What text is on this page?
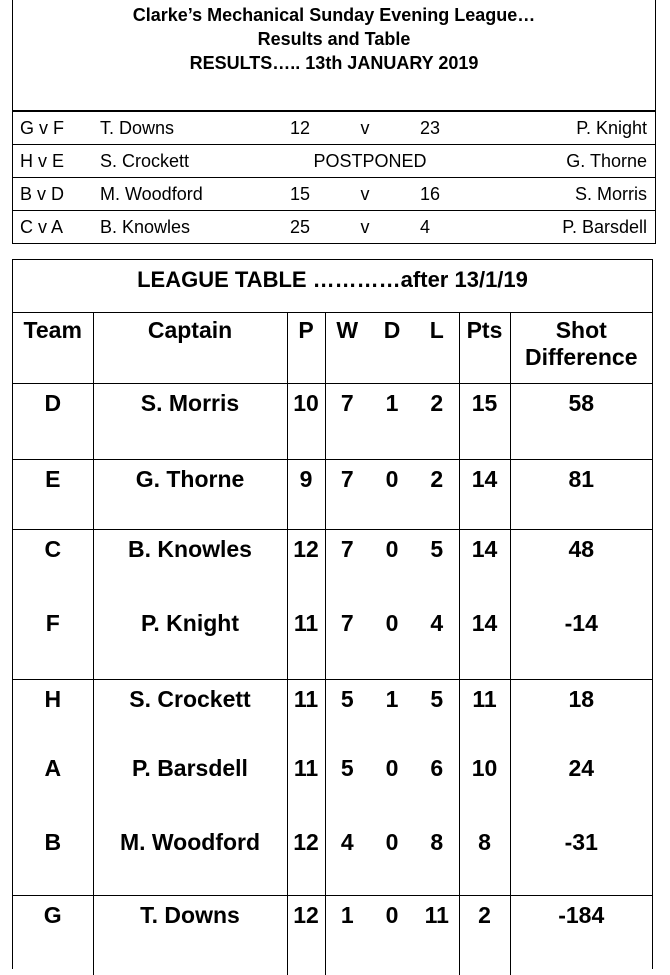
Clarke’s Mechanical Sunday Evening League…
Results and Table
RESULTS….. 13th JANUARY 2019
G v F	T. Downs	12	v	23	P. Knight
H v E	S. Crockett	POSTPONED			G. Thorne
B v D	M. Woodford	15	v	16	S. Morris
C v A	B. Knowles	25	v	4	P. Barsdell
LEAGUE TABLE …………after 13/1/19
Team	Captain	P	W	D	L	Pts	Shot
Difference

D	S. Morris	10	7	1	2	15	58
E	G. Thorne	9	7	0	2	14	81
C	B. Knowles	12	7	0	5	14	48
F	P. Knight	11	7	0	4	14	-14
H	S. Crockett	11	5	1	5	11	18
A	P. Barsdell	11	5	0	6	10	24
B	M. Woodford	12	4	0	8	8	-31
G	T. Downs	12	1	0	11	2	-184
